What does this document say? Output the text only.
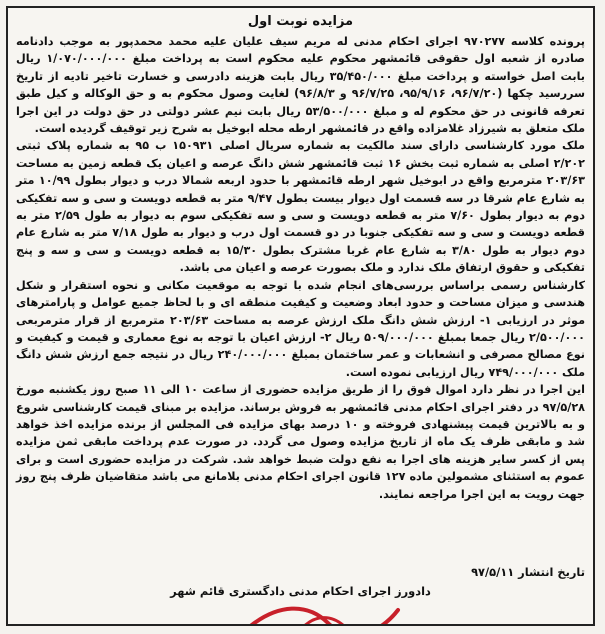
مزایده نوبت اول

پرونده کلاسه ۹۷۰۲۷۷ اجرای احکام مدنی له مریم سیف علیان علیه محمد محمدپور به موجب دادنامه صادره از شعبه اول حقوقی قائمشهر محکوم علیه محکوم است به پرداخت مبلغ ۱/۰۷۰/۰۰۰/۰۰۰ ریال بابت اصل خواسته و پرداخت مبلغ ۳۵/۴۵۰/۰۰۰ ریال بابت هزینه دادرسی و خسارت تاخیر تادیه از تاریخ سررسید چکها (۹۶/۷/۲۰، ۹۵/۹/۱۶، ۹۶/۷/۲۵ و ۹۶/۸/۳) لغایت وصول محکوم به و حق الوکاله و کیل طبق تعرفه قانونی در حق محکوم له و مبلغ ۵۳/۵۰۰/۰۰۰ ریال بابت نیم عشر دولتی در حق دولت در این اجرا ملک متعلق به شیرزاد غلامزاده واقع در قائمشهر ارطه محله ابوخیل به شرح زیر توقیف گردیده است.

ملک مورد کارشناسی دارای سند مالکیت به شماره سریال اصلی ۱۵۰۹۳۱ ب ۹۵ به شماره پلاک ثبتی ۲/۲۰۲ اصلی به شماره ثبت بخش ۱۶ ثبت قائمشهر شش دانگ عرصه و اعیان یک قطعه زمین به مساحت ۲۰۳/۶۳ مترمربع واقع در ابوخیل شهر ارطه قائمشهر با حدود اربعه شمالا درب و دیوار بطول ۱۰/۹۹ متر به شارع عام شرقا در سه قسمت اول دیوار بیست بطول ۹/۴۷ متر به قطعه دویست و سی و سه تفکیکی دوم به دیوار بطول ۷/۶۰ متر به قطعه دویست و سی و سه تفکیکی سوم به دیوار به طول ۲/۵۹ متر به قطعه دویست و سی و سه تفکیکی جنوبا در دو قسمت اول درب و دیوار به طول ۷/۱۸ متر به شارع عام دوم دیوار به طول ۳/۸۰ به شارع عام غربا مشترک بطول ۱۵/۳۰ به قطعه دویست و سی و سه و پنج تفکیکی و حقوق ارتفاق ملک ندارد و ملک بصورت عرصه و اعیان می باشد.

کارشناس رسمی براساس بررسی‌های انجام شده با توجه به موقعیت مکانی و نحوه استقرار و شکل هندسی و میزان مساحت و حدود ابعاد وضعیت و کیفیت منطقه ای و با لحاظ جمیع عوامل و پارامترهای موثر در ارزیابی ۱- ارزش شش دانگ ملک ارزش عرصه به مساحت ۲۰۳/۶۳ مترمربع از قرار مترمربعی ۲/۵۰۰/۰۰۰ ریال جمعا بمبلغ ۵۰۹/۰۰۰/۰۰۰ ریال ۲- ارزش اعیان با توجه به نوع معماری و قیمت و کیفیت و نوع مصالح مصرفی و انشعابات و عمر ساختمان بمبلغ ۲۴۰/۰۰۰/۰۰۰ ریال در نتیجه جمع ارزش شش دانگ ملک ۷۴۹/۰۰۰/۰۰۰ ریال ارزیابی نموده است.

این اجرا در نظر دارد اموال فوق را از طریق مزایده حضوری از ساعت ۱۰ الی ۱۱ صبح روز یکشنبه مورخ ۹۷/۵/۲۸ در دفتر اجرای احکام مدنی قائمشهر به فروش برساند. مزایده بر مبنای قیمت کارشناسی شروع و به بالاترین قیمت پیشنهادی فروخته و ۱۰ درصد بهای مزایده فی المجلس از برنده مزایده اخذ خواهد شد و مابقی ظرف یک ماه از تاریخ مزایده وصول می گردد. در صورت عدم پرداخت مابقی ثمن مزایده پس از کسر سایر هزینه های اجرا به نفع دولت ضبط خواهد شد. شرکت در مزایده حضوری است و برای عموم به استثنای مشمولین ماده ۱۲۷ قانون اجرای احکام مدنی بلامانع می باشد متقاضیان ظرف پنج روز جهت رویت به این اجرا مراجعه نمایند.

تاریخ انتشار ۹۷/۵/۱۱
دادورز اجرای احکام مدنی دادگستری قائم شهر
